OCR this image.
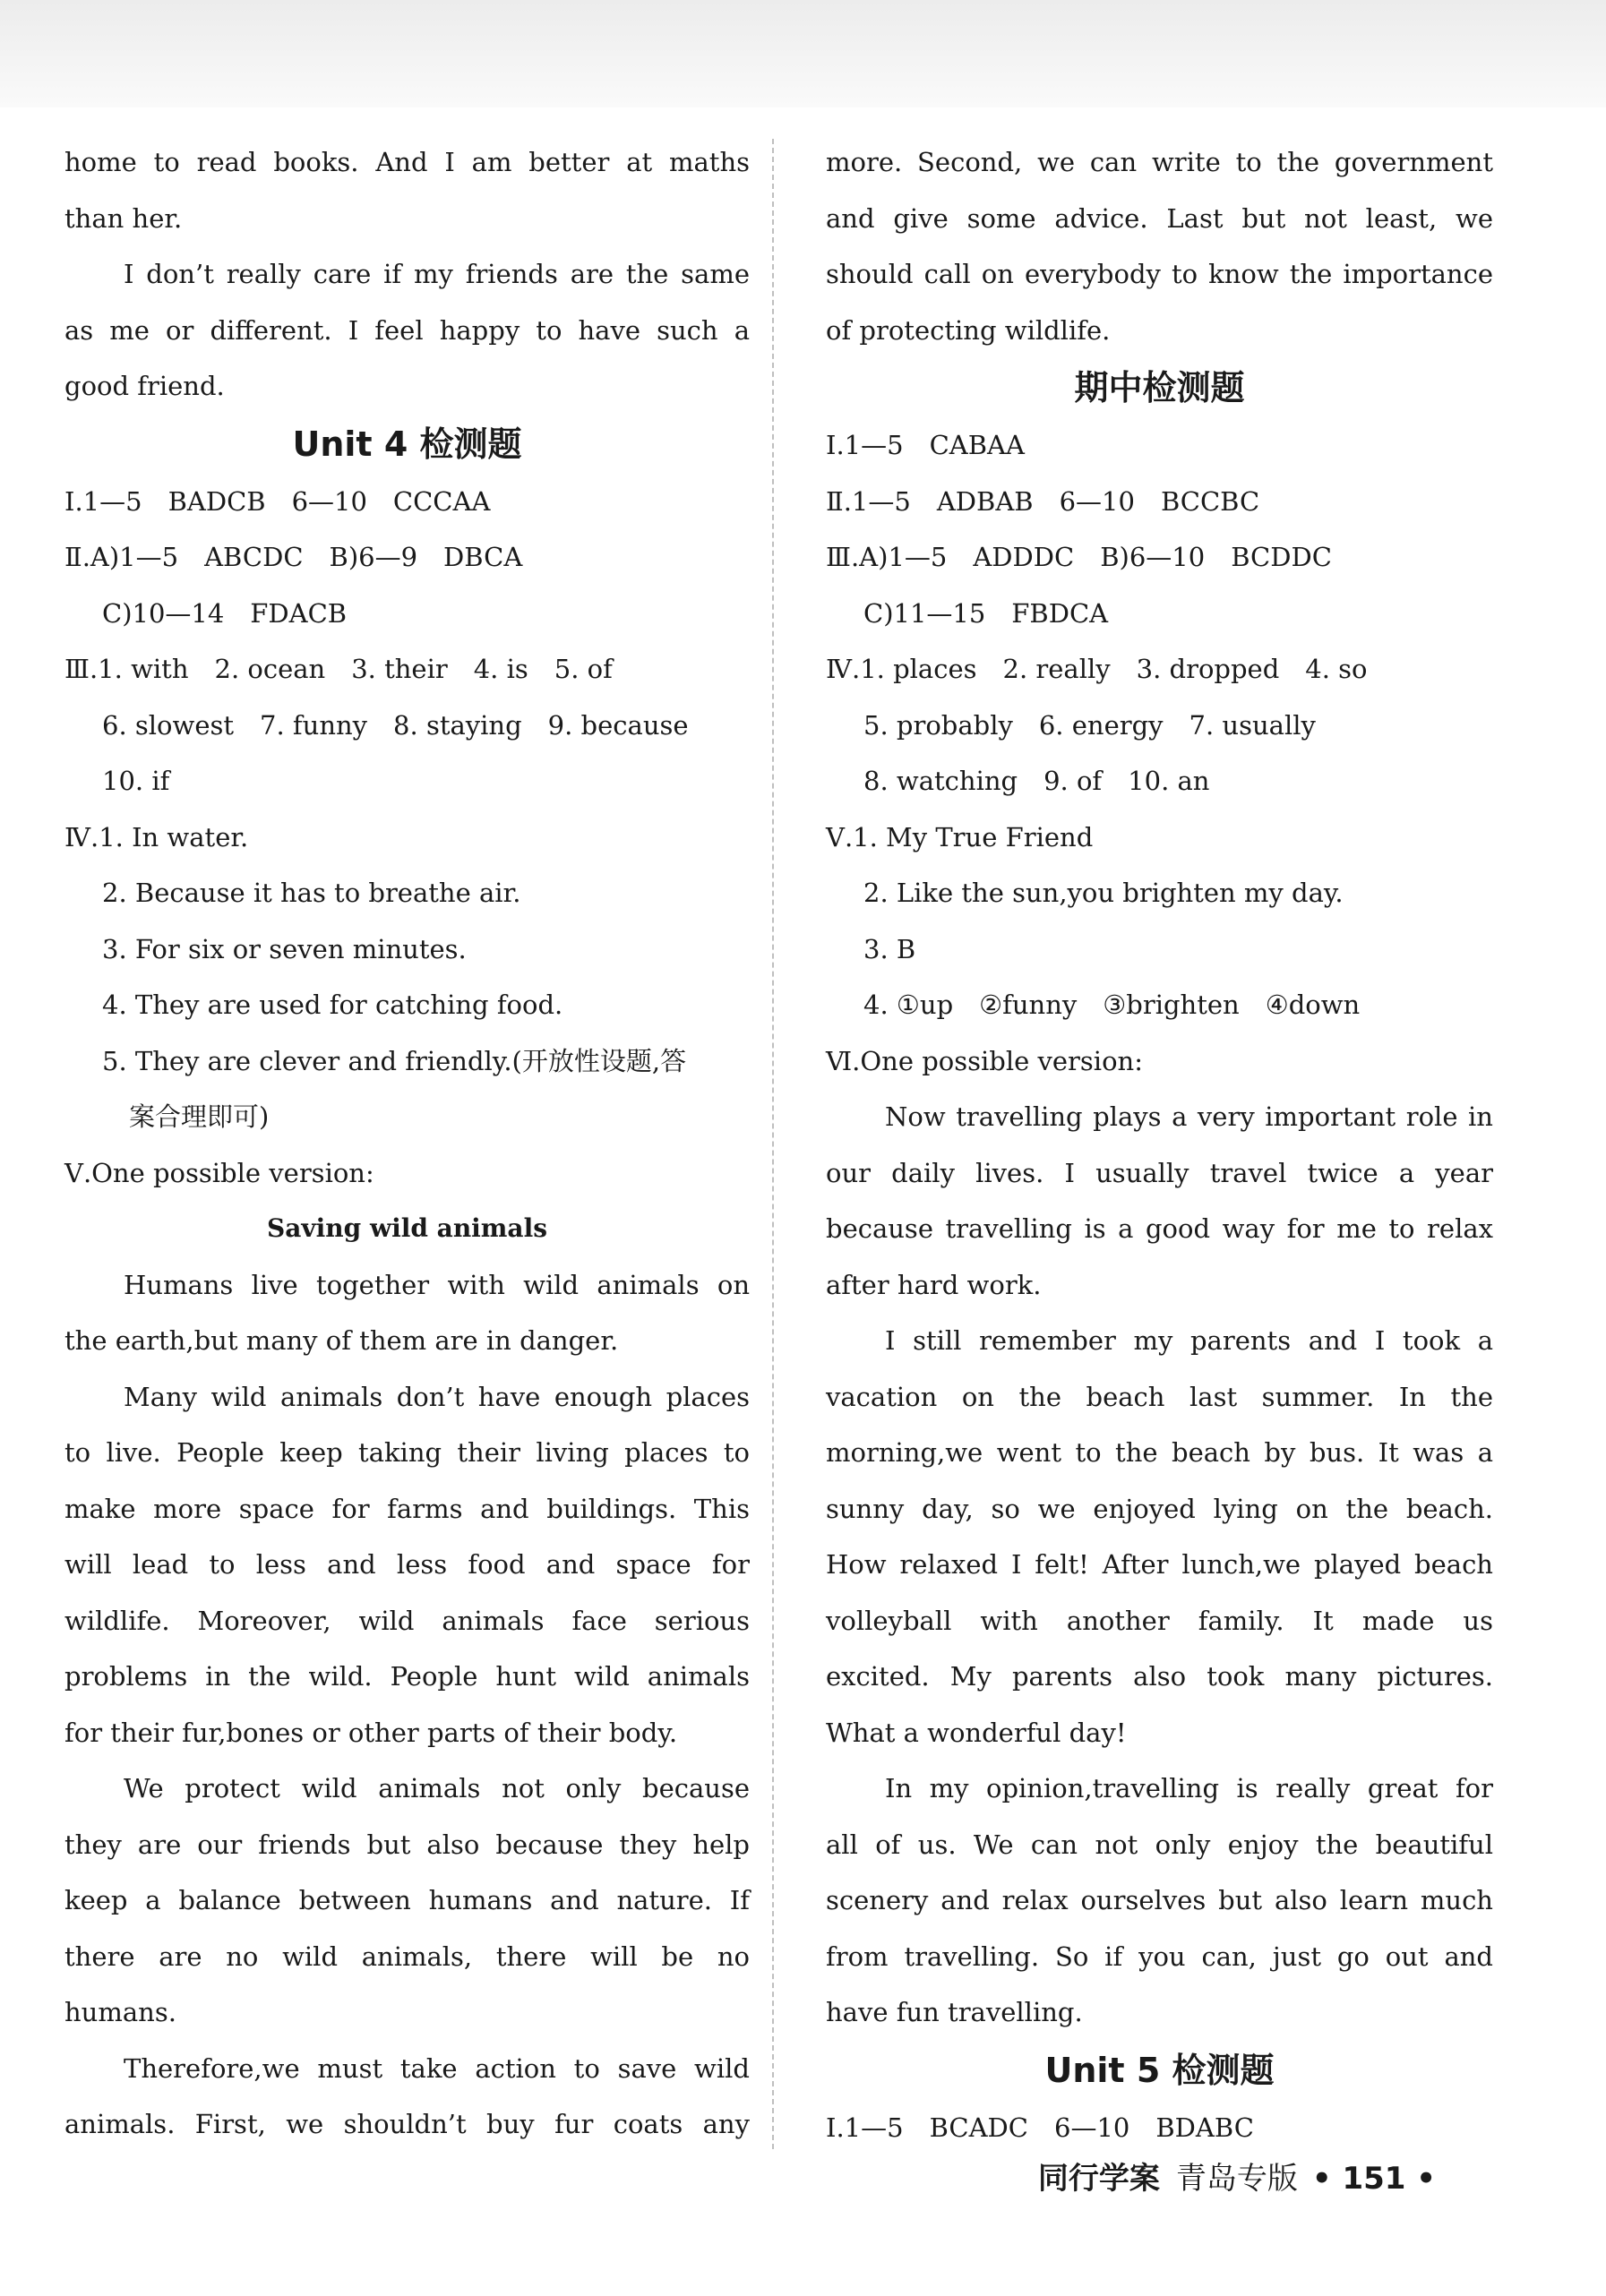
home to read books. And I am better at maths

than her.

I don’t really care if my friends are the same

as me or different. I feel happy to have such a

good friend.

Unit 4 检测题

Ⅰ.1—5　BADCB　6—10　CCCAA

Ⅱ.A)1—5　ABCDC　B)6—9　DBCA

C)10—14　FDACB

Ⅲ.1. with　2. ocean　3. their　4. is　5. of

6. slowest　7. funny　8. staying　9. because

10. if

Ⅳ.1. In water.

2. Because it has to breathe air.

3. For six or seven minutes.

4. They are used for catching food.

5. They are clever and friendly.(开放性设题,答

案合理即可)

Ⅴ.One possible version:

Saving wild animals

Humans live together with wild animals on

the earth,but many of them are in danger.

Many wild animals don’t have enough places

to live. People keep taking their living places to

make more space for farms and buildings. This

will lead to less and less food and space for

wildlife. Moreover, wild animals face serious

problems in the wild. People hunt wild animals

for their fur,bones or other parts of their body.

We protect wild animals not only because

they are our friends but also because they help

keep a balance between humans and nature. If

there are no wild animals, there will be no

humans.

Therefore,we must take action to save wild

animals. First, we shouldn’t buy fur coats any

more. Second, we can write to the government

and give some advice. Last but not least, we

should call on everybody to know the importance

of protecting wildlife.

期中检测题

Ⅰ.1—5　CABAA

Ⅱ.1—5　ADBAB　6—10　BCCBC

Ⅲ.A)1—5　ADDDC　B)6—10　BCDDC

C)11—15　FBDCA

Ⅳ.1. places　2. really　3. dropped　4. so

5. probably　6. energy　7. usually

8. watching　9. of　10. an

Ⅴ.1. My True Friend

2. Like the sun,you brighten my day.

3. B

4. ①up　②funny　③brighten　④down

Ⅵ.One possible version:

Now travelling plays a very important role in

our daily lives. I usually travel twice a year

because travelling is a good way for me to relax

after hard work.

I still remember my parents and I took a

vacation on the beach last summer. In the

morning,we went to the beach by bus. It was a

sunny day, so we enjoyed lying on the beach.

How relaxed I felt! After lunch,we played beach

volleyball with another family. It made us

excited. My parents also took many pictures.

What a wonderful day!

In my opinion,travelling is really great for

all of us. We can not only enjoy the beautiful

scenery and relax ourselves but also learn much

from travelling. So if you can, just go out and

have fun travelling.

Unit 5 检测题

Ⅰ.1—5　BCADC　6—10　BDABC

同行学案 青岛专版 • 151 •
